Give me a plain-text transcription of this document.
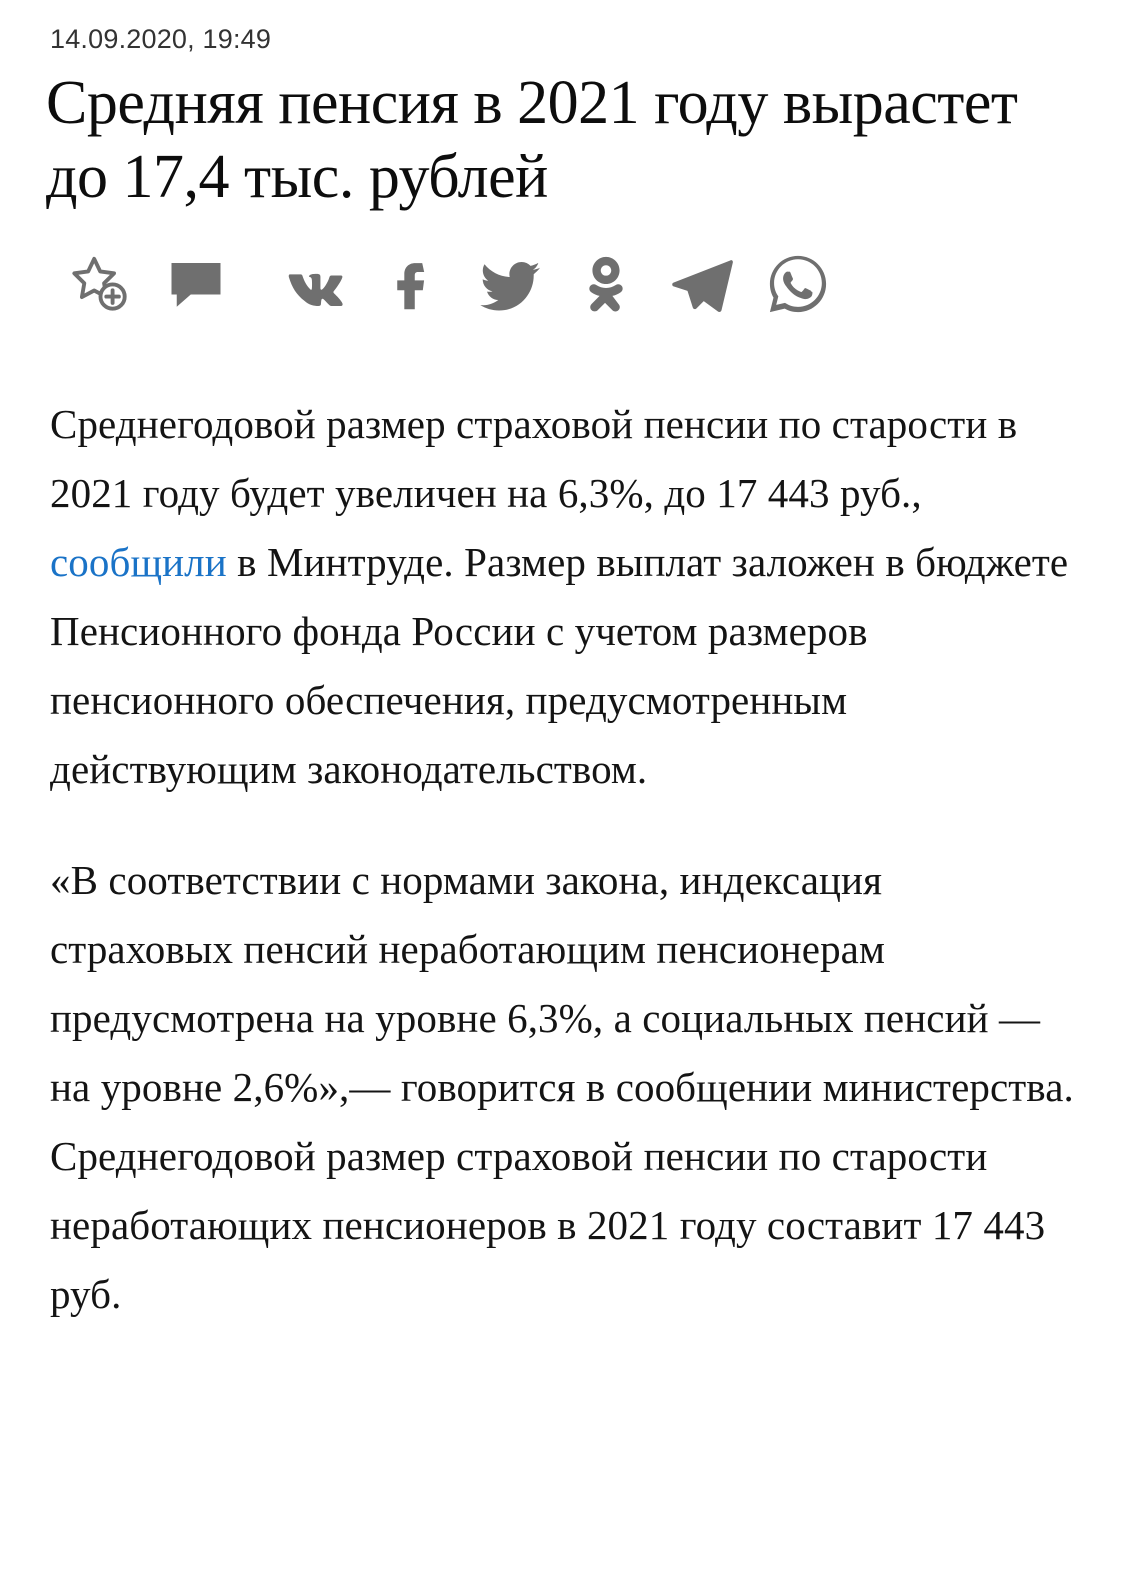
14.09.2020, 19:49
Средняя пенсия в 2021 году вырастет до 17,4 тыс. рублей

Среднегодовой размер страховой пенсии по старости в 2021 году будет увеличен на 6,3%, до 17 443 руб., сообщили в Минтруде. Размер выплат заложен в бюджете Пенсионного фонда России с учетом размеров пенсионного обеспечения, предусмотренным действующим законодательством.

«В соответствии с нормами закона, индексация страховых пенсий неработающим пенсионерам предусмотрена на уровне 6,3%, а социальных пенсий — на уровне 2,6%»,— говорится в сообщении министерства. Среднегодовой размер страховой пенсии по старости неработающих пенсионеров в 2021 году составит 17 443 руб.
